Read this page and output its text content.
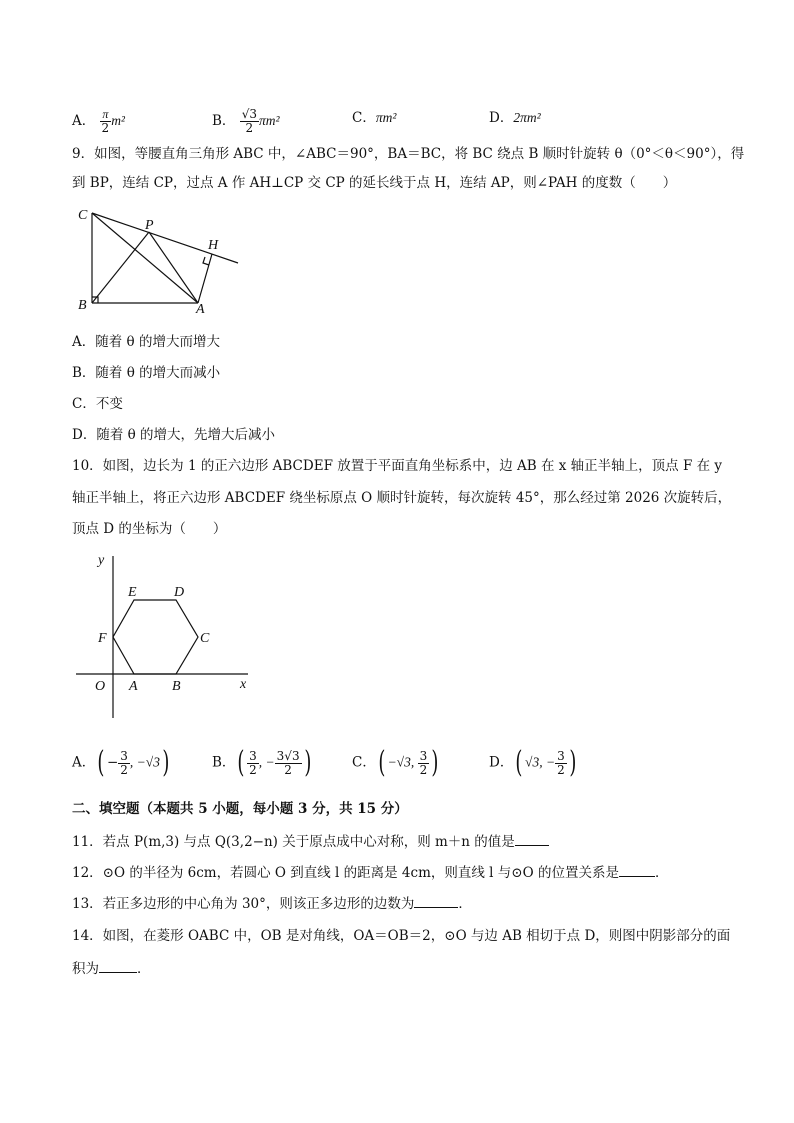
A． $\frac{\pi}{2} m^2$	B． $\frac{√3}{2} \pi m^2$	C．πm²	D．2πm²
9．如图，等腰直角三角形 ABC 中，∠ABC＝90°，BA＝BC，将 BC 绕点 B 顺时针旋转 θ（0°＜θ＜90°），得
到 BP，连结 CP，过点 A 作 AH⊥CP 交 CP 的延长线于点 H，连结 AP，则∠PAH 的度数（　　）
C
P
H
B	A
A．随着 θ 的增大而增大
B．随着 θ 的增大而减小
C．不变
D．随着 θ 的增大，先增大后减小
10．如图，边长为 1 的正六边形 ABCDEF 放置于平面直角坐标系中，边 AB 在 x 轴正半轴上，顶点 F 在 y
轴正半轴上，将正六边形 ABCDEF 绕坐标原点 O 顺时针旋转，每次旋转 45°，那么经过第 2026 次旋转后，
顶点 D 的坐标为（　　）
y
x
E	D
F	C
O A B
A．( − $\frac{3}{2}$ , −√3)	B．( $\frac{3}{2}$ , − $\frac{3√3}{2}$ )	C．( −√3, $\frac{3}{2}$ )	D．( √3, − $\frac{3}{2}$ )
二、填空题（本题共 5 小题，每小题 3 分，共 15 分）
11．若点 P(m,3) 与点 Q(3,2−n) 关于原点成中心对称，则 m＋n 的值是
12．⊙O 的半径为 6cm，若圆心 O 到直线 l 的距离是 4cm，则直线 l 与⊙O 的位置关系是	．
13．若正多边形的中心角为 30°，则该正多边形的边数为	．
14．如图，在菱形 OABC 中，OB 是对角线，OA＝OB＝2，⊙O 与边 AB 相切于点 D，则图中阴影部分的面
积为	．
